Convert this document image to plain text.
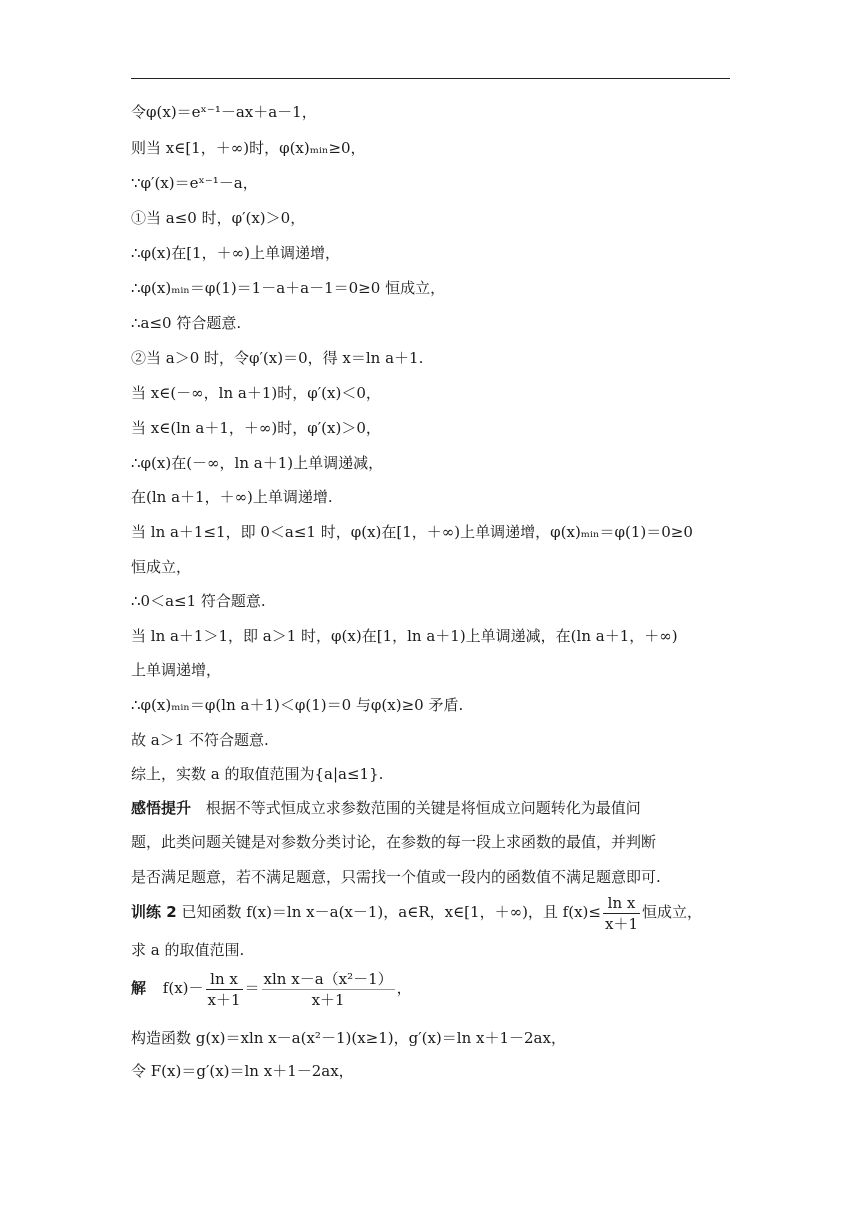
令φ(x)＝eˣ⁻¹－ax＋a－1，
则当 x∈[1，＋∞)时，φ(x)ₘᵢₙ≥0，
∵φ′(x)＝eˣ⁻¹－a，
①当 a≤0 时，φ′(x)＞0，
∴φ(x)在[1，＋∞)上单调递增，
∴φ(x)ₘᵢₙ＝φ(1)＝1－a＋a－1＝0≥0 恒成立，
∴a≤0 符合题意.
②当 a＞0 时，令φ′(x)＝0，得 x＝ln a＋1.
当 x∈(－∞，ln a＋1)时，φ′(x)＜0，
当 x∈(ln a＋1，＋∞)时，φ′(x)＞0，
∴φ(x)在(－∞，ln a＋1)上单调递减，
在(ln a＋1，＋∞)上单调递增.
当 ln a＋1≤1，即 0＜a≤1 时，φ(x)在[1，＋∞)上单调递增，φ(x)ₘᵢₙ＝φ(1)＝0≥0
恒成立，
∴0＜a≤1 符合题意.
当 ln a＋1＞1，即 a＞1 时，φ(x)在[1，ln a＋1)上单调递减，在(ln a＋1，＋∞)
上单调递增，
∴φ(x)ₘᵢₙ＝φ(ln a＋1)＜φ(1)＝0 与φ(x)≥0 矛盾.
故 a＞1 不符合题意.
综上，实数 a 的取值范围为{a|a≤1}.
感悟提升 根据不等式恒成立求参数范围的关键是将恒成立问题转化为最值问
题，此类问题关键是对参数分类讨论，在参数的每一段上求函数的最值，并判断
是否满足题意，若不满足题意，只需找一个值或一段内的函数值不满足题意即可.
训练 2 已知函数 f(x)＝ln x－a(x－1)，a∈R，x∈[1，＋∞)，且 $f(x)\le \frac{\text{ln x}}{x+1}$ 恒成立，
求 a 的取值范围.
解 $f(x)- \frac{\text{ln x}}{x+1} = \frac{\text{xln x－a（x²－1）}}{x+1}$ ，
构造函数 g(x)＝xln x－a(x²－1)(x≥1)，g′(x)＝ln x＋1－2ax，
令 F(x)＝g′(x)＝ln x＋1－2ax，
